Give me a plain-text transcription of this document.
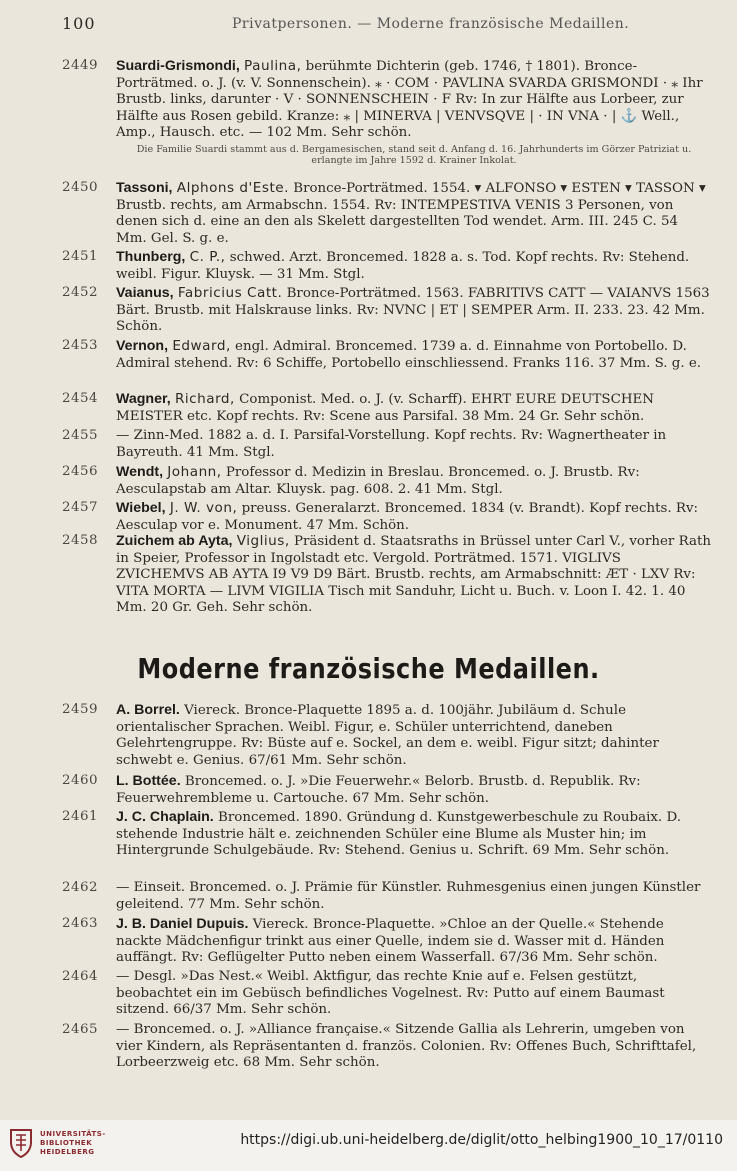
100	Privatpersonen. — Moderne französische Medaillen.
2449	Suardi-Grismondi, Paulina, berühmte Dichterin (geb. 1746, † 1801). Bronce-Porträtmed. o. J. (v. V. Sonnenschein). ⁎ · COM · PAVLINA SVARDA GRISMONDI · ⁎ Ihr Brustb. links, darunter · V · SONNENSCHEIN · F Rv: In zur Hälfte aus Lorbeer, zur Hälfte aus Rosen gebild. Kranze: ⁎ | MINERVA | VENVSQVE | · IN VNA · | ⚓ Well., Amp., Hausch. etc. — 102 Mm. Sehr schön.
Die Familie Suardi stammt aus d. Bergamesischen, stand seit d. Anfang d. 16. Jahrhunderts im Görzer Patriziat u. erlangte im Jahre 1592 d. Krainer Inkolat.
2450	Tassoni, Alphons d'Este. Bronce-Porträtmed. 1554. ▾ ALFONSO ▾ ESTEN ▾ TASSON ▾ Brustb. rechts, am Armabschn. 1554. Rv: INTEMPESTIVA VENIS 3 Personen, von denen sich d. eine an den als Skelett dargestellten Tod wendet. Arm. III. 245 C. 54 Mm. Gel. S. g. e.
2451	Thunberg, C. P., schwed. Arzt. Broncemed. 1828 a. s. Tod. Kopf rechts. Rv: Stehend. weibl. Figur. Kluysk. — 31 Mm. Stgl.
2452	Vaianus, Fabricius Catt. Bronce-Porträtmed. 1563. FABRITIVS CATT — VAIANVS 1563 Bärt. Brustb. mit Halskrause links. Rv: NVNC | ET | SEMPER Arm. II. 233. 23. 42 Mm. Schön.
2453	Vernon, Edward, engl. Admiral. Broncemed. 1739 a. d. Einnahme von Portobello. D. Admiral stehend. Rv: 6 Schiffe, Portobello einschliessend. Franks 116. 37 Mm. S. g. e.
2454	Wagner, Richard, Componist. Med. o. J. (v. Scharff). EHRT EURE DEUTSCHEN MEISTER etc. Kopf rechts. Rv: Scene aus Parsifal. 38 Mm. 24 Gr. Sehr schön.
2455	— Zinn-Med. 1882 a. d. I. Parsifal-Vorstellung. Kopf rechts. Rv: Wagnertheater in Bayreuth. 41 Mm. Stgl.
2456	Wendt, Johann, Professor d. Medizin in Breslau. Broncemed. o. J. Brustb. Rv: Aesculapstab am Altar. Kluysk. pag. 608. 2. 41 Mm. Stgl.
2457	Wiebel, J. W. von, preuss. Generalarzt. Broncemed. 1834 (v. Brandt). Kopf rechts. Rv: Aesculap vor e. Monument. 47 Mm. Schön.
2458	Zuichem ab Ayta, Viglius, Präsident d. Staatsraths in Brüssel unter Carl V., vorher Rath in Speier, Professor in Ingolstadt etc. Vergold. Porträtmed. 1571. VIGLIVS ZVICHEMVS AB AYTA I9 V9 D9 Bärt. Brustb. rechts, am Armabschnitt: ÆT · LXV Rv: VITA MORTA — LIVM VIGILIA Tisch mit Sanduhr, Licht u. Buch. v. Loon I. 42. 1. 40 Mm. 20 Gr. Geh. Sehr schön.
Moderne französische Medaillen.
2459	A. Borrel. Viereck. Bronce-Plaquette 1895 a. d. 100jähr. Jubiläum d. Schule orientalischer Sprachen. Weibl. Figur, e. Schüler unterrichtend, daneben Gelehrtengruppe. Rv: Büste auf e. Sockel, an dem e. weibl. Figur sitzt; dahinter schwebt e. Genius. 67/61 Mm. Sehr schön.
2460	L. Bottée. Broncemed. o. J. »Die Feuerwehr.« Belorb. Brustb. d. Republik. Rv: Feuerwehrembleme u. Cartouche. 67 Mm. Sehr schön.
2461	J. C. Chaplain. Broncemed. 1890. Gründung d. Kunstgewerbeschule zu Roubaix. D. stehende Industrie hält e. zeichnenden Schüler eine Blume als Muster hin; im Hintergrunde Schulgebäude. Rv: Stehend. Genius u. Schrift. 69 Mm. Sehr schön.
2462	— Einseit. Broncemed. o. J. Prämie für Künstler. Ruhmesgenius einen jungen Künstler geleitend. 77 Mm. Sehr schön.
2463	J. B. Daniel Dupuis. Viereck. Bronce-Plaquette. »Chloe an der Quelle.« Stehende nackte Mädchenfigur trinkt aus einer Quelle, indem sie d. Wasser mit d. Händen auffängt. Rv: Geflügelter Putto neben einem Wasserfall. 67/36 Mm. Sehr schön.
2464	— Desgl. »Das Nest.« Weibl. Aktfigur, das rechte Knie auf e. Felsen gestützt, beobachtet ein im Gebüsch befindliches Vogelnest. Rv: Putto auf einem Baumast sitzend. 66/37 Mm. Sehr schön.
2465	— Broncemed. o. J. »Alliance française.« Sitzende Gallia als Lehrerin, umgeben von vier Kindern, als Repräsentanten d. französ. Colonien. Rv: Offenes Buch, Schrifttafel, Lorbeerzweig etc. 68 Mm. Sehr schön.
UNIVERSITÄTS-
BIBLIOTHEK
HEIDELBERG
https://digi.ub.uni-heidelberg.de/diglit/otto_helbing1900_10_17/0110
